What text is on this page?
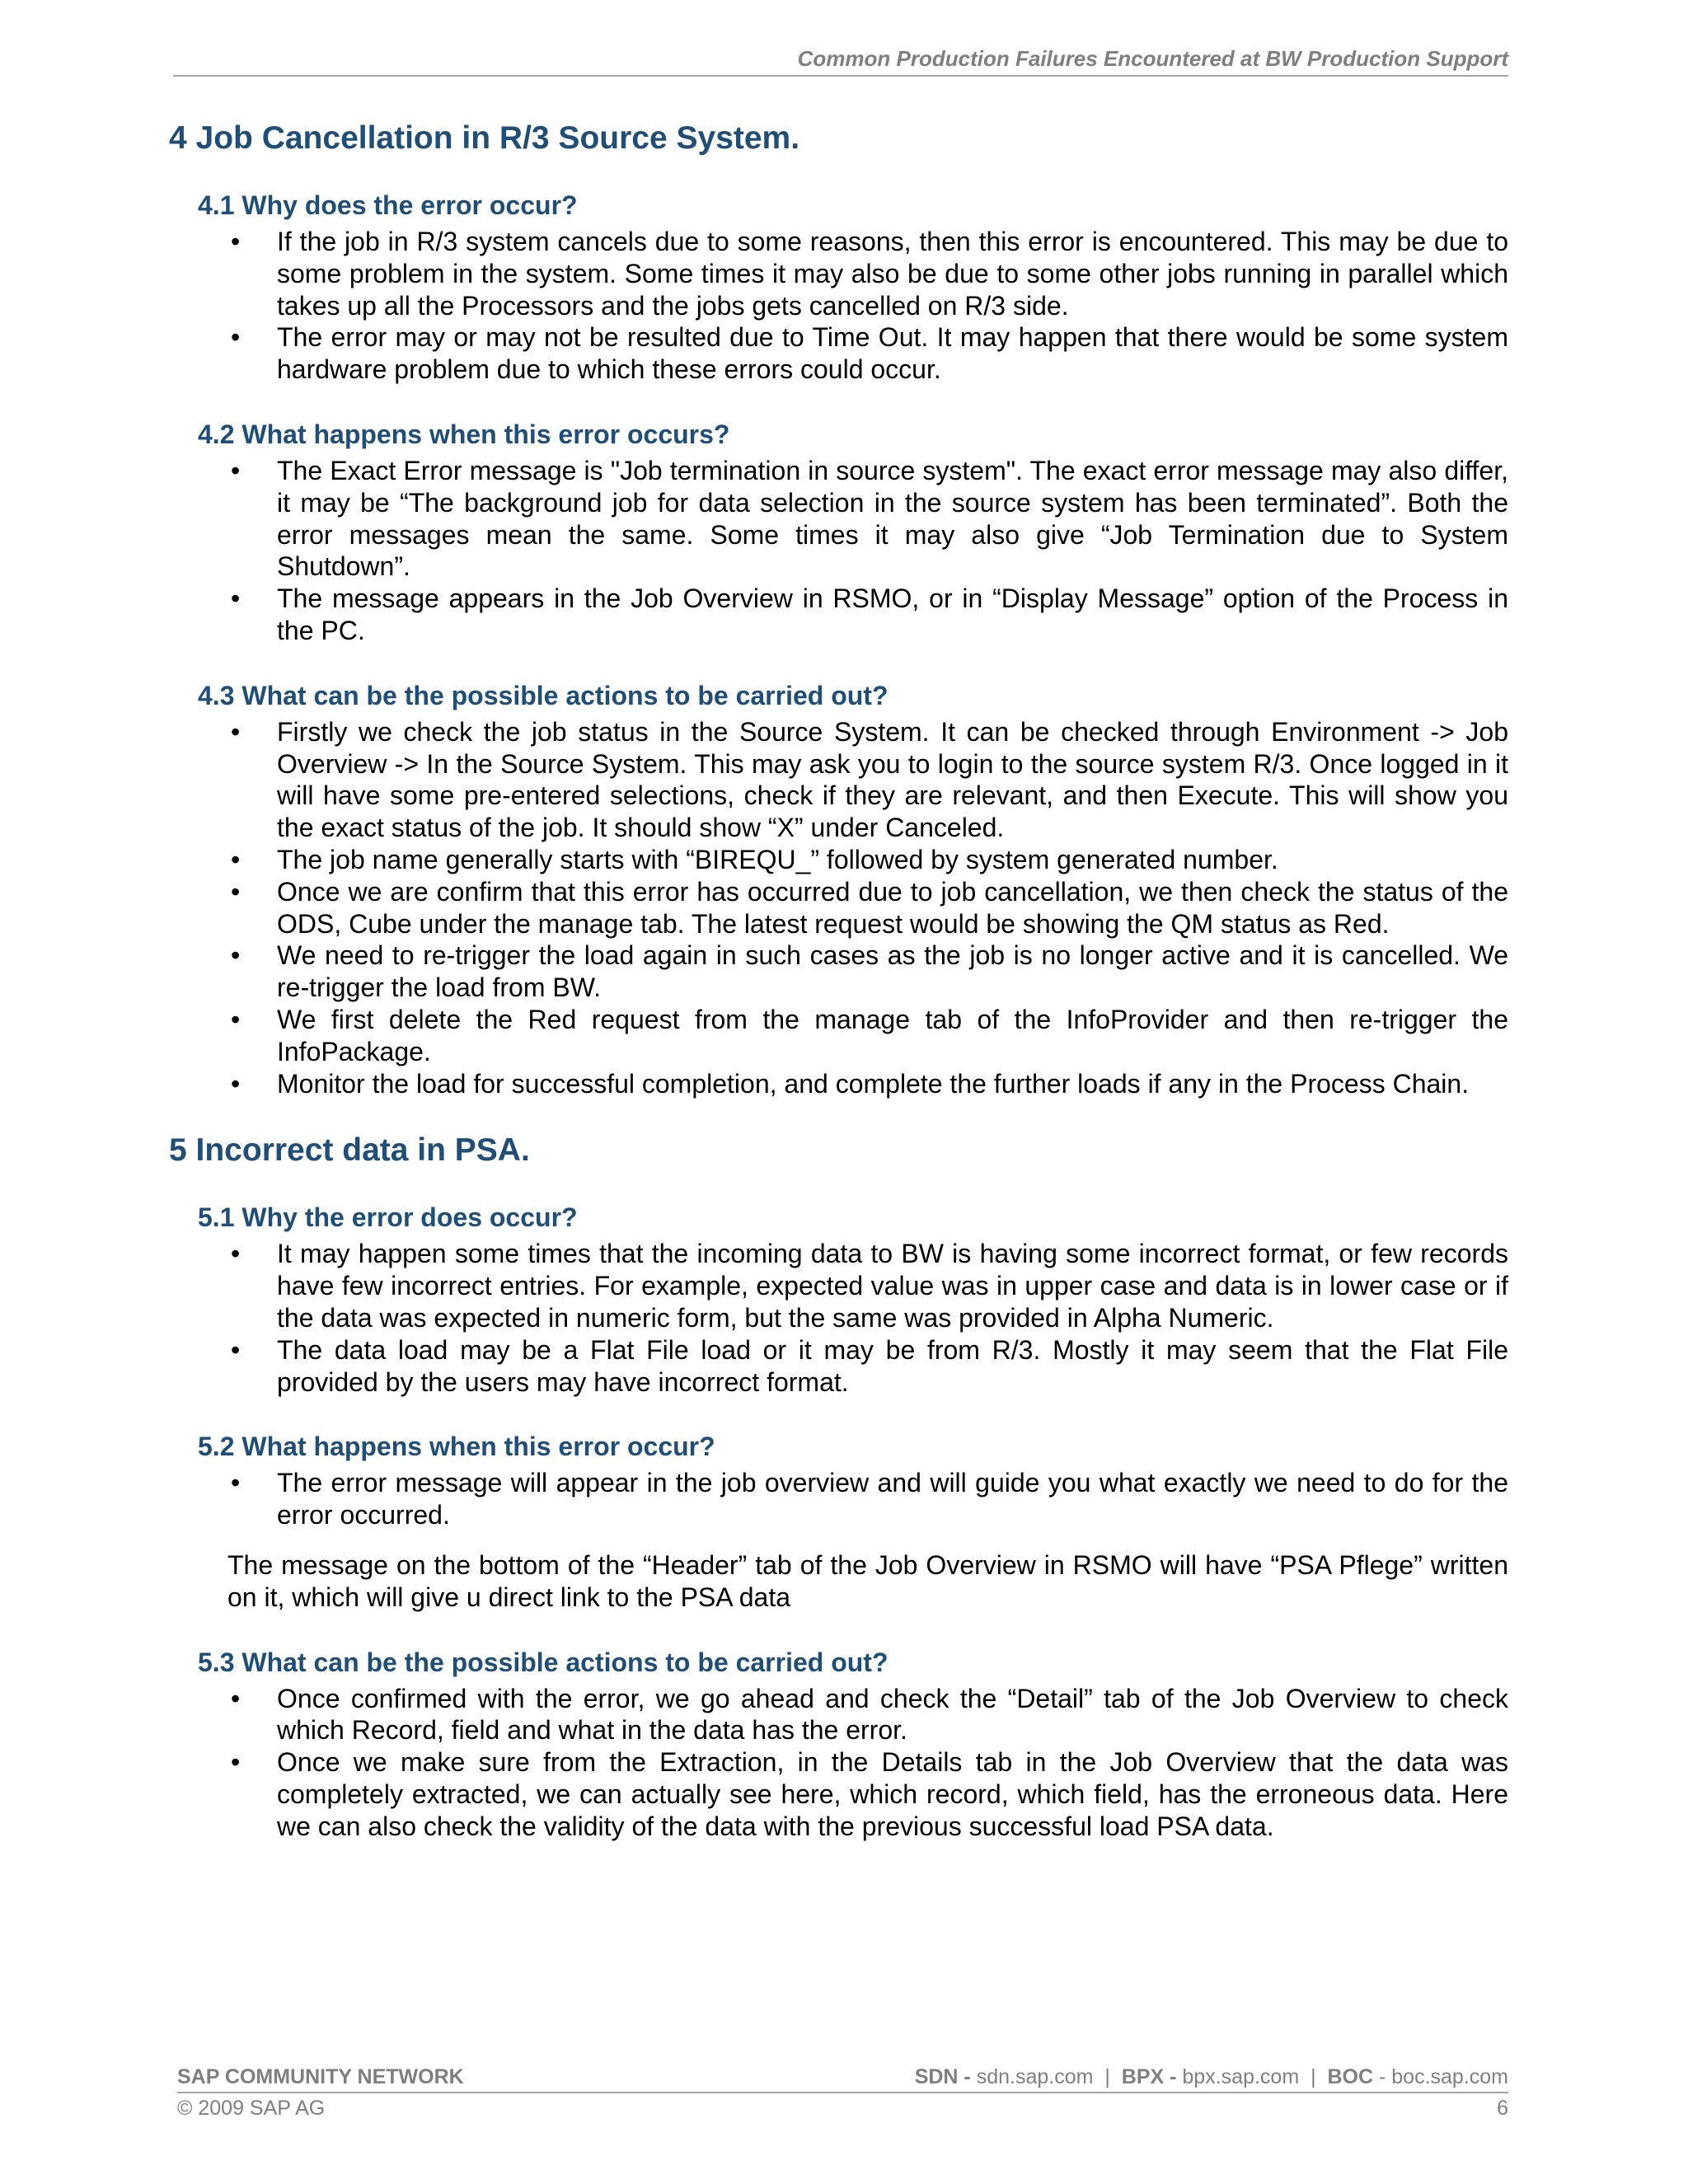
Common Production Failures Encountered at BW Production Support
4 Job Cancellation in R/3 Source System.
4.1 Why does the error occur?
• If the job in R/3 system cancels due to some reasons, then this error is encountered. This may be due to some problem in the system. Some times it may also be due to some other jobs running in parallel which takes up all the Processors and the jobs gets cancelled on R/3 side.
• The error may or may not be resulted due to Time Out. It may happen that there would be some system hardware problem due to which these errors could occur.
4.2 What happens when this error occurs?
• The Exact Error message is "Job termination in source system". The exact error message may also differ, it may be “The background job for data selection in the source system has been terminated”. Both the error messages mean the same. Some times it may also give “Job Termination due to System Shutdown”.
• The message appears in the Job Overview in RSMO, or in “Display Message” option of the Process in the PC.
4.3 What can be the possible actions to be carried out?
• Firstly we check the job status in the Source System. It can be checked through Environment -> Job Overview -> In the Source System. This may ask you to login to the source system R/3. Once logged in it will have some pre-entered selections, check if they are relevant, and then Execute. This will show you the exact status of the job. It should show “X” under Canceled.
• The job name generally starts with “BIREQU_” followed by system generated number.
• Once we are confirm that this error has occurred due to job cancellation, we then check the status of the ODS, Cube under the manage tab. The latest request would be showing the QM status as Red.
• We need to re-trigger the load again in such cases as the job is no longer active and it is cancelled. We re-trigger the load from BW.
• We first delete the Red request from the manage tab of the InfoProvider and then re-trigger the InfoPackage.
• Monitor the load for successful completion, and complete the further loads if any in the Process Chain.
5 Incorrect data in PSA.
5.1 Why the error does occur?
• It may happen some times that the incoming data to BW is having some incorrect format, or few records have few incorrect entries. For example, expected value was in upper case and data is in lower case or if the data was expected in numeric form, but the same was provided in Alpha Numeric.
• The data load may be a Flat File load or it may be from R/3. Mostly it may seem that the Flat File provided by the users may have incorrect format.
5.2 What happens when this error occur?
• The error message will appear in the job overview and will guide you what exactly we need to do for the error occurred.

The message on the bottom of the “Header” tab of the Job Overview in RSMO will have “PSA Pflege” written on it, which will give u direct link to the PSA data

5.3 What can be the possible actions to be carried out?
• Once confirmed with the error, we go ahead and check the “Detail” tab of the Job Overview to check which Record, field and what in the data has the error.
• Once we make sure from the Extraction, in the Details tab in the Job Overview that the data was completely extracted, we can actually see here, which record, which field, has the erroneous data. Here we can also check the validity of the data with the previous successful load PSA data.
SAP COMMUNITY NETWORK	SDN - sdn.sap.com | BPX - bpx.sap.com | BOC - boc.sap.com
© 2009 SAP AG	6
